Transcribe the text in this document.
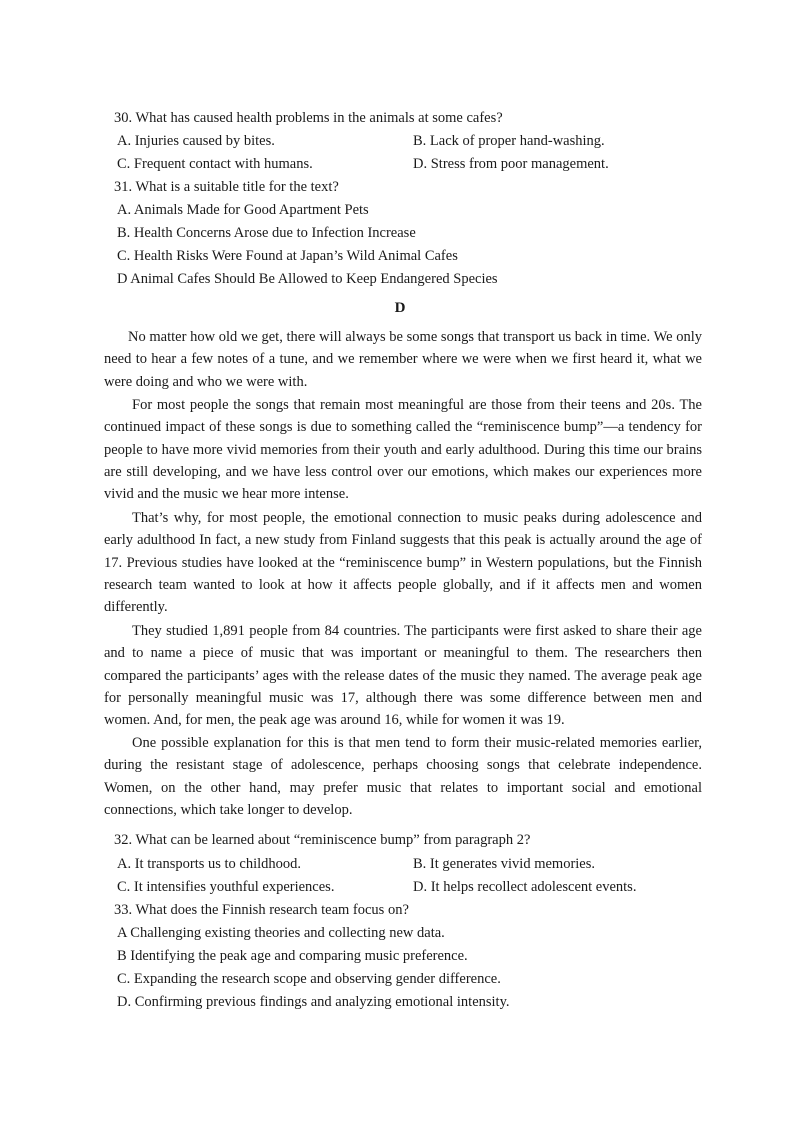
30. What has caused health problems in the animals at some cafes?
A. Injuries caused by bites.	B. Lack of proper hand-washing.
C. Frequent contact with humans.	D. Stress from poor management.
31. What is a suitable title for the text?
A. Animals Made for Good Apartment Pets
B. Health Concerns Arose due to Infection Increase
C. Health Risks Were Found at Japan’s Wild Animal Cafes
D Animal Cafes Should Be Allowed to Keep Endangered Species
D

No matter how old we get, there will always be some songs that transport us back in time. We only need to hear a few notes of a tune, and we remember where we were when we first heard it, what we were doing and who we were with.

For most people the songs that remain most meaningful are those from their teens and 20s. The continued impact of these songs is due to something called the “reminiscence bump”—a tendency for people to have more vivid memories from their youth and early adulthood. During this time our brains are still developing, and we have less control over our emotions, which makes our experiences more vivid and the music we hear more intense.

That’s why, for most people, the emotional connection to music peaks during adolescence and early adulthood In fact, a new study from Finland suggests that this peak is actually around the age of 17. Previous studies have looked at the “reminiscence bump” in Western populations, but the Finnish research team wanted to look at how it affects people globally, and if it affects men and women differently.

They studied 1,891 people from 84 countries. The participants were first asked to share their age and to name a piece of music that was important or meaningful to them. The researchers then compared the participants’ ages with the release dates of the music they named. The average peak age for personally meaningful music was 17, although there was some difference between men and women. And, for men, the peak age was around 16, while for women it was 19.

One possible explanation for this is that men tend to form their music-related memories earlier, during the resistant stage of adolescence, perhaps choosing songs that celebrate independence. Women, on the other hand, may prefer music that relates to important social and emotional connections, which take longer to develop.

32. What can be learned about “reminiscence bump” from paragraph 2?
A. It transports us to childhood.	B. It generates vivid memories.
C. It intensifies youthful experiences.	D. It helps recollect adolescent events.
33. What does the Finnish research team focus on?
A Challenging existing theories and collecting new data.
B Identifying the peak age and comparing music preference.
C. Expanding the research scope and observing gender difference.
D. Confirming previous findings and analyzing emotional intensity.
